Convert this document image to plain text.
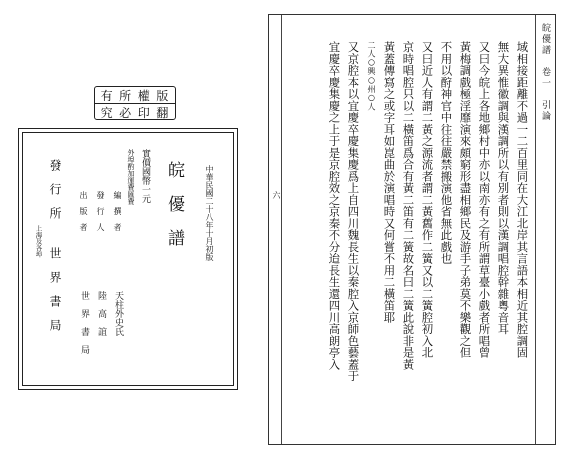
有 所 權 版
究 必 印 翻
中華民國二十八年十月初版
皖　優　譜
實價國幣一元
外埠酌加運費匯費
編　撰　者
天柱外史氏
發　行　人
陸　高　誼
出　版　者
世　界　書　局
發　行　所
上海及各埠
世　界　書　局
皖優譜　卷一　引論
六	域相接距離不過一二百里同在大江北岸其言語本相近其腔調固
無大異惟徽調與漢調所以有別者則以漢調唱腔幹雜粵音耳
又曰今皖上各地鄉村中亦以南亦有之有所謂草臺小戲者所唱曾
黃梅調戲極淫靡演來頗窮形盡相鄉民及游手子弟莫不樂觀之但
不用以酧神官中往往嚴禁搬演他省無此戲也
又曰近人有謂二黃之源流者謂二黃舊作二簧又以二簧腔初入北
京時唱腔只以二橫笛爲合有黃二笛有二簧故名曰二簧此說非是黃
黃蓋傳寫之或字耳如崑曲於演唱時又何嘗不用二橫笛耶
二人○興○州○人
又京腔本以宜慶卒慶集慶爲上自四川魏長生以秦腔入京師色藝蓋于
宜慶卒慶集慶之上于是京腔效之京秦不分迨長生還四川高朗亭入
